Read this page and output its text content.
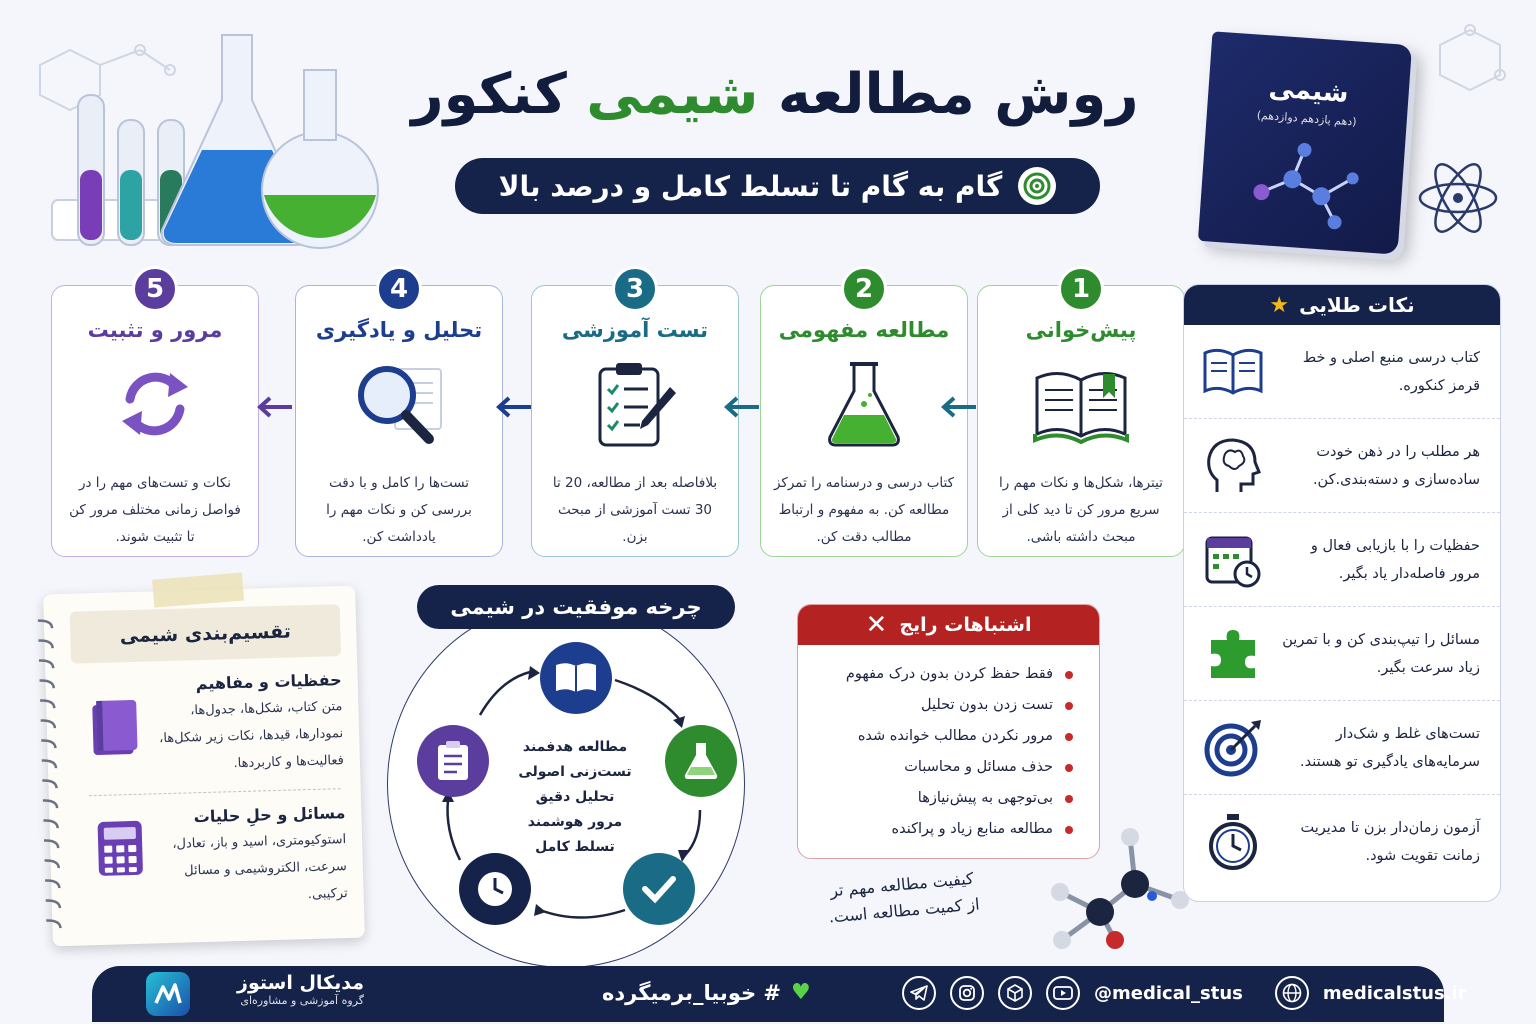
روش مطالعه شیمی کنکور
گام به گام تا تسلط کامل و درصد بالا
شیمی
(دهم یازدهم دوازدهم)
1
پیش‌خوانی
تیترها، شکل‌ها و نکات مهم را سریع مرور کن تا دید کلی از مبحث داشته باشی.
2
مطالعه مفهومی
کتاب درسی و درسنامه را تمرکز مطالعه کن. به مفهوم و ارتباط مطالب دقت کن.
3
تست آموزشی
بلافاصله بعد از مطالعه، 20 تا 30 تست آموزشی از مبحث بزن.
4
تحلیل و یادگیری
تست‌ها را کامل و با دقت بررسی کن و نکات مهم را یادداشت کن.
5
مرور و تثبیت
نکات و تست‌های مهم را در فواصل زمانی مختلف مرور کن تا تثبیت شوند.
نکات طلایی
★
کتاب درسی منبع اصلی و خط قرمز کنکوره.
هر مطلب را در ذهن خودت ساده‌سازی و دسته‌بندی.کن.
حفظیات را با بازیابی فعال و مرور فاصله‌دار یاد بگیر.
مسائل را تیپ‌بندی کن و با تمرین زیاد سرعت بگیر.
تست‌های غلط و شک‌دار سرمایه‌های یادگیری تو هستند.
آزمون زمان‌دار بزن تا مدیریت زمانت تقویت شود.
تقسیم‌بندی شیمی
حفظیات و مفاهیم

متن کتاب، شکل‌ها، جدول‌ها، نمودارها، قیدها، نکات زیر شکل‌ها، فعالیت‌ها و کاربردها.

مسائل و حلِ حلیات

استوکیومتری، اسید و باز، تعادل، سرعت، الکتروشیمی و مسائل ترکیبی.

چرخه موفقیت در شیمی
مطالعه هدفمند
تست‌زنی اصولی
تحلیل دقیق
مرور هوشمند
تسلط کامل
اشتباهات رایج
✕
فقط حفظ کردن بدون درک مفهوم
تست زدن بدون تحلیل
مرور نکردن مطالب خوانده شده
حذف مسائل و محاسبات
بی‌توجهی به پیش‌نیازها
مطالعه منابع زیاد و پراکنده
کیفیت مطالعه مهم تر
از کمیت مطالعه است.
مدیکال استوز
گروه آموزشی و مشاوره‌ای	♥
# خوبیا_برمیگرده	@medical_stus	medicalstus.ir
